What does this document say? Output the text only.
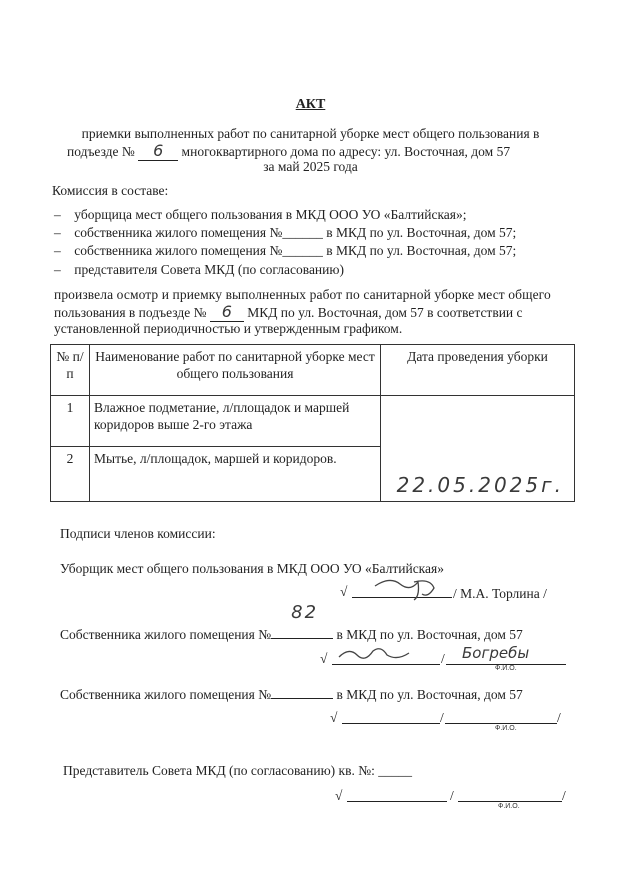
АКТ
приемки выполненных работ по санитарной уборке мест общего пользования в
подъезде № 6 многоквартирного дома по адресу: ул. Восточная, дом 57
за май 2025 года
Комиссия в составе:
–    уборщица мест общего пользования в МКД ООО УО «Балтийская»;
–    собственника жилого помещения №______ в МКД по ул. Восточная, дом 57;
–    собственника жилого помещения №______ в МКД по ул. Восточная, дом 57;
–    представителя Совета МКД (по согласованию)
произвела осмотр и приемку выполненных работ по санитарной уборке мест общего
пользования в подъезде № 6 МКД по ул. Восточная, дом 57 в соответствии с
установленной периодичностью и утвержденным графиком.
№ п/п	Наименование работ по санитарной уборке мест общего пользования	Дата проведения уборки
1	Влажное подметание, л/площадок и маршей коридоров выше 2-го этажа	22.05.2025г.

2	Мытье, л/площадок, маршей и коридоров.	
Подписи членов комиссии:
Уборщик мест общего пользования в МКД ООО УО «Балтийская»
√	/ М.А. Торлина /
Собственника жилого помещения №
82
в МКД по ул. Восточная, дом 57
√	/ Богребы
Ф.И.О.
Собственника жилого помещения №	в МКД по ул. Восточная, дом 57
√	/	/
Ф.И.О.
Представитель Совета МКД (по согласованию) кв. №: _____
√	/	/
Ф.И.О.
